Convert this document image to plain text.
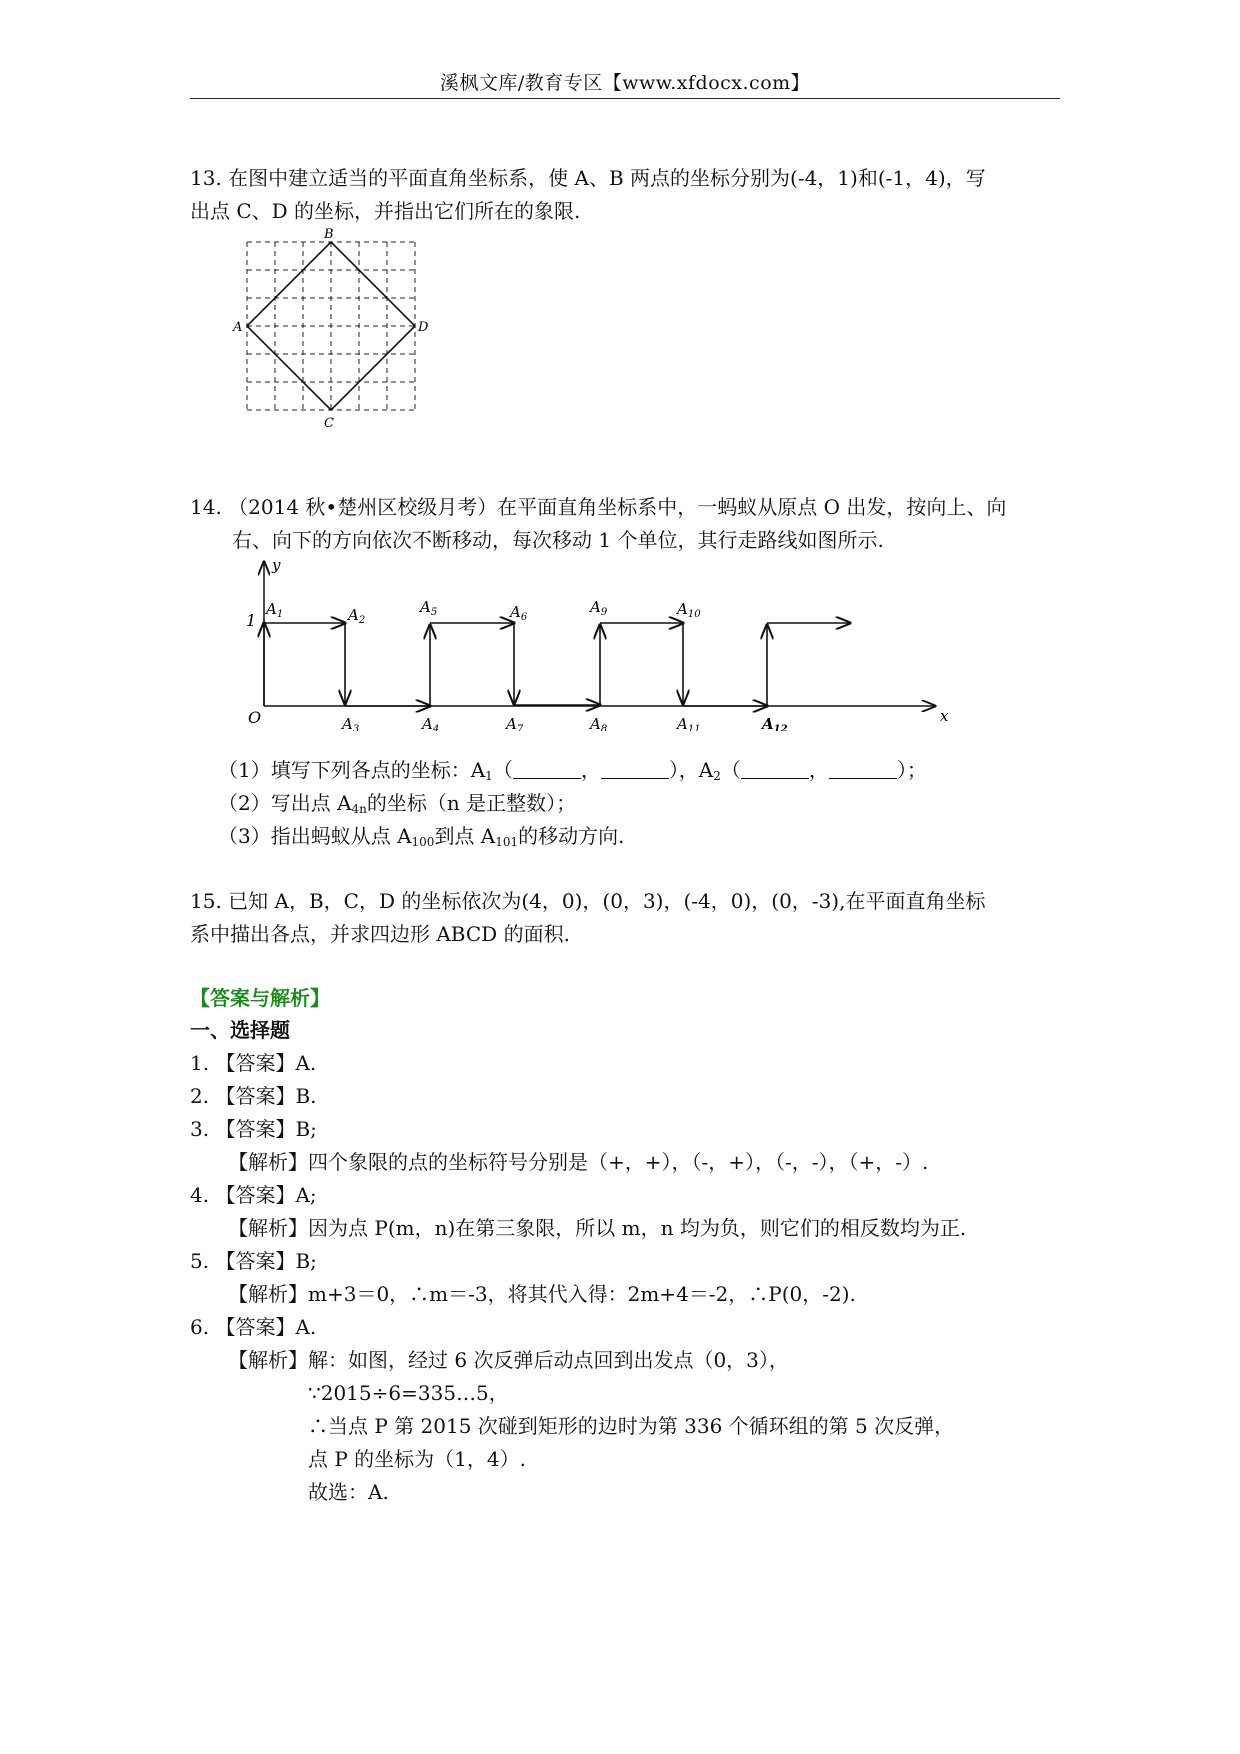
溪枫文库/教育专区【www.xfdocx.com】
13. 在图中建立适当的平面直角坐标系，使 A、B 两点的坐标分别为(-4，1)和(-1，4)，写
出点 C、D 的坐标，并指出它们所在的象限.
B
A	D
C
14. （2014 秋•楚州区校级月考）在平面直角坐标系中，一蚂蚁从原点 O 出发，按向上、向
右、向下的方向依次不断移动，每次移动 1 个单位，其行走路线如图所示.
y
x
O
1
$A_1$	$A_2$
$A_3$	$A_4$
$A_5$	$A_6$
$A_7$	$A_8$
$A_9$	$A_{10}$
$A_{11}$	$A_{12}$
（1）填写下列各点的坐标：$A_1$（	，	），$A_2$（	，	）；
（2）写出点 $A_{4n}$的坐标（n 是正整数）；
（3）指出蚂蚁从点 $A_{100}$到点 $A_{101}$的移动方向.
15. 已知 A，B，C，D 的坐标依次为(4，0)，(0，3)，(-4，0)，(0，-3),在平面直角坐标
系中描出各点，并求四边形 ABCD 的面积.
【答案与解析】
一、选择题
1. 【答案】A.
2. 【答案】B.
3. 【答案】B;
【解析】四个象限的点的坐标符号分别是（+，+），（-，+），（-，-），（+，-）.
4. 【答案】A;
【解析】因为点 P(m，n)在第三象限，所以 m，n 均为负，则它们的相反数均为正.
5. 【答案】B;
【解析】m+3＝0，∴m＝-3，将其代入得：2m+4＝-2，∴P(0，-2).
6. 【答案】A.
【解析】解：如图，经过 6 次反弹后动点回到出发点（0，3），
∵2015÷6=335…5，
∴当点 P 第 2015 次碰到矩形的边时为第 336 个循环组的第 5 次反弹，
点 P 的坐标为（1，4）.
故选：A.
